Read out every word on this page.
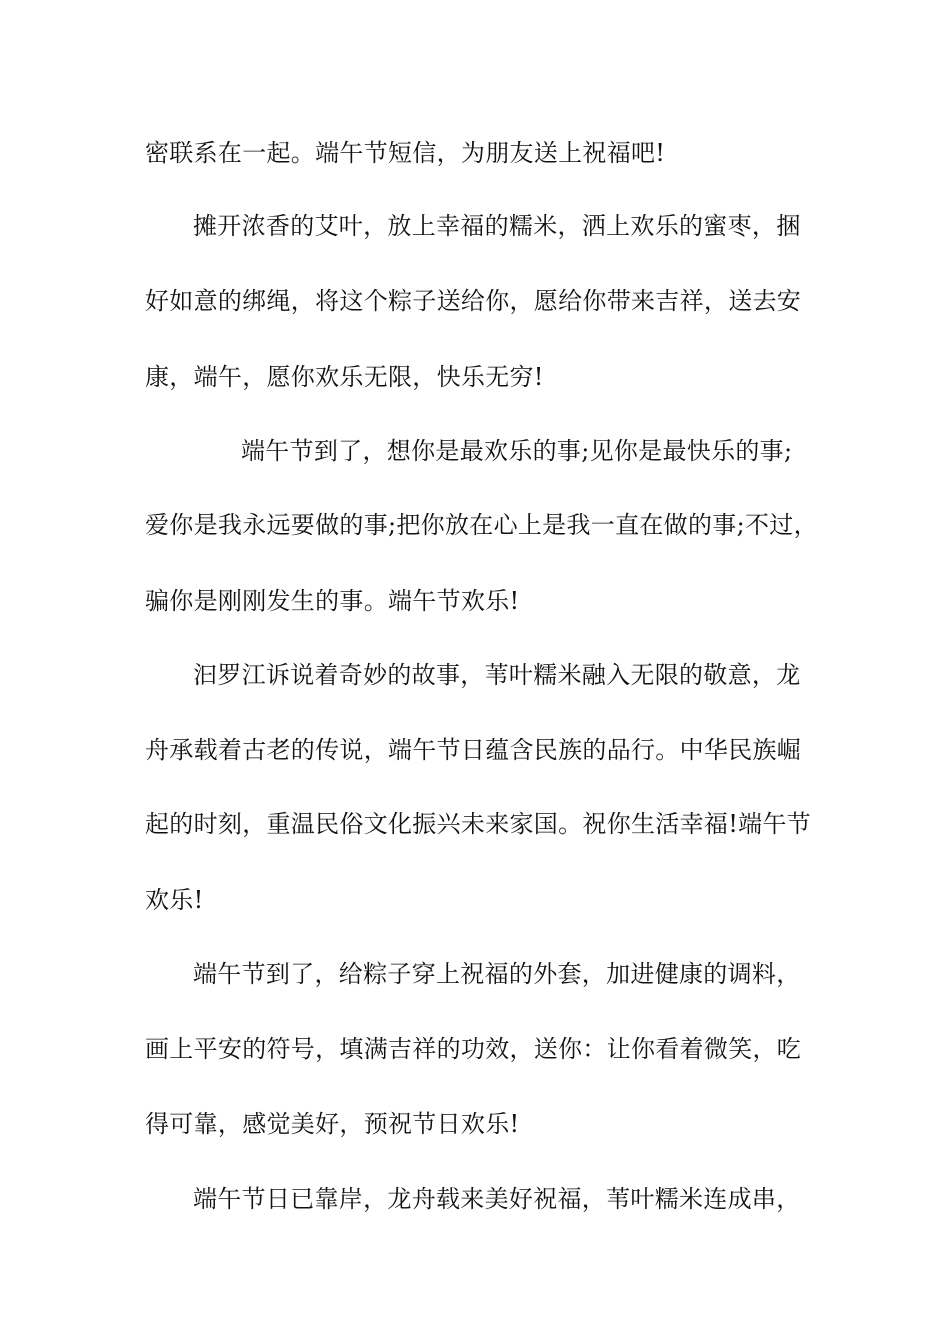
密联系在一起。端午节短信，为朋友送上祝福吧!
摊开浓香的艾叶，放上幸福的糯米，洒上欢乐的蜜枣，捆
好如意的绑绳，将这个粽子送给你，愿给你带来吉祥，送去安
康，端午，愿你欢乐无限，快乐无穷!
端午节到了，想你是最欢乐的事;见你是最快乐的事;
爱你是我永远要做的事;把你放在心上是我一直在做的事;不过，
骗你是刚刚发生的事。端午节欢乐!
汩罗江诉说着奇妙的故事，苇叶糯米融入无限的敬意，龙
舟承载着古老的传说，端午节日蕴含民族的品行。中华民族崛
起的时刻，重温民俗文化振兴未来家国。祝你生活幸福!端午节
欢乐!
端午节到了，给粽子穿上祝福的外套，加进健康的调料，
画上平安的符号，填满吉祥的功效，送你：让你看着微笑，吃
得可靠，感觉美好，预祝节日欢乐!
端午节日已靠岸，龙舟载来美好祝福，苇叶糯米连成串，
